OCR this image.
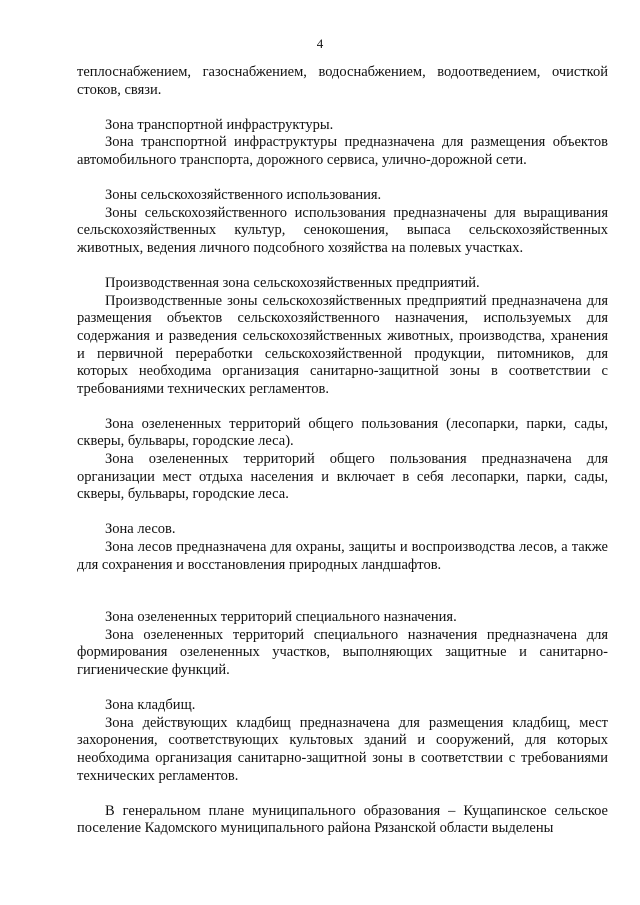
4
теплоснабжением, газоснабжением, водоснабжением, водоотведением, очисткой стоков, связи.
Зона транспортной инфраструктуры.
Зона транспортной инфраструктуры предназначена для размещения объектов автомобильного транспорта, дорожного сервиса, улично-дорожной сети.
Зоны сельскохозяйственного использования.
Зоны сельскохозяйственного использования предназначены для выращивания сельскохозяйственных культур, сенокошения, выпаса сельскохозяйственных животных, ведения личного подсобного хозяйства на полевых участках.
Производственная зона сельскохозяйственных предприятий.
Производственные зоны сельскохозяйственных предприятий предназначена для размещения объектов сельскохозяйственного назначения, используемых для содержания и разведения сельскохозяйственных животных, производства, хранения и первичной переработки сельскохозяйственной продукции, питомников, для которых необходима организация санитарно-защитной зоны в соответствии с требованиями технических регламентов.
Зона озелененных территорий общего пользования (лесопарки, парки, сады, скверы, бульвары, городские леса).
Зона озелененных территорий общего пользования предназначена для организации мест отдыха населения и включает в себя лесопарки, парки, сады, скверы, бульвары, городские леса.
Зона лесов.
Зона лесов предназначена для охраны, защиты и воспроизводства лесов, а также для сохранения и восстановления природных ландшафтов.
Зона озелененных территорий специального назначения.
Зона озелененных территорий специального назначения предназначена для формирования озелененных участков, выполняющих защитные и санитарно-гигиенические функций.
Зона кладбищ.
Зона действующих кладбищ предназначена для размещения кладбищ, мест захоронения, соответствующих культовых зданий и сооружений, для которых необходима организация санитарно-защитной зоны в соответствии с требованиями технических регламентов.
В генеральном плане муниципального образования – Кущапинское сельское поселение Кадомского муниципального района Рязанской области выделены
